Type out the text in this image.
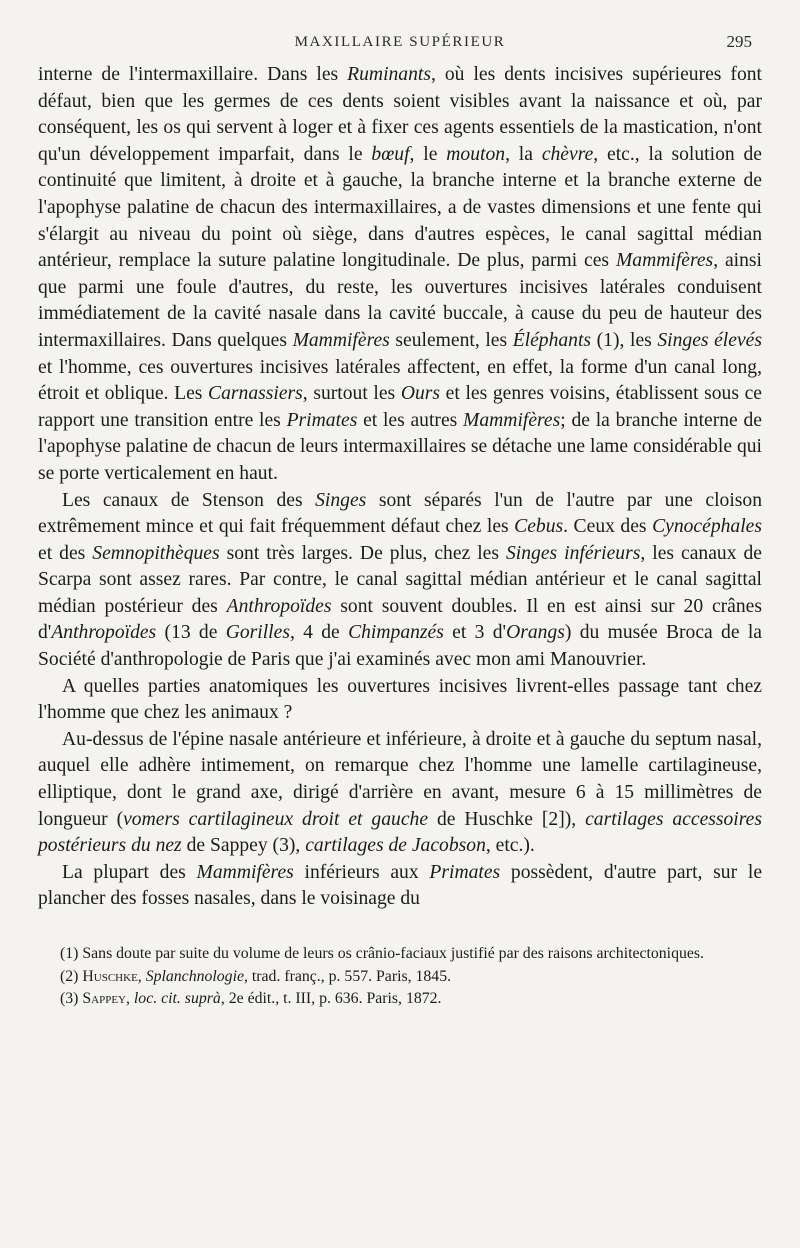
MAXILLAIRE SUPÉRIEUR	295

interne de l'intermaxillaire. Dans les Ruminants, où les dents incisives supérieures font défaut, bien que les germes de ces dents soient visibles avant la naissance et où, par conséquent, les os qui servent à loger et à fixer ces agents essentiels de la mastication, n'ont qu'un développement imparfait, dans le bœuf, le mouton, la chèvre, etc., la solution de continuité que limitent, à droite et à gauche, la branche interne et la branche externe de l'apophyse palatine de chacun des intermaxillaires, a de vastes dimensions et une fente qui s'élargit au niveau du point où siège, dans d'autres espèces, le canal sagittal médian antérieur, remplace la suture palatine longitudinale. De plus, parmi ces Mammifères, ainsi que parmi une foule d'autres, du reste, les ouvertures incisives latérales conduisent immédiatement de la cavité nasale dans la cavité buccale, à cause du peu de hauteur des intermaxillaires. Dans quelques Mammifères seulement, les Éléphants (1), les Singes élevés et l'homme, ces ouvertures incisives latérales affectent, en effet, la forme d'un canal long, étroit et oblique. Les Carnassiers, surtout les Ours et les genres voisins, établissent sous ce rapport une transition entre les Primates et les autres Mammifères; de la branche interne de l'apophyse palatine de chacun de leurs intermaxillaires se détache une lame considérable qui se porte verticalement en haut.

Les canaux de Stenson des Singes sont séparés l'un de l'autre par une cloison extrêmement mince et qui fait fréquemment défaut chez les Cebus. Ceux des Cynocéphales et des Semnopithèques sont très larges. De plus, chez les Singes inférieurs, les canaux de Scarpa sont assez rares. Par contre, le canal sagittal médian antérieur et le canal sagittal médian postérieur des Anthropoïdes sont souvent doubles. Il en est ainsi sur 20 crânes d'Anthropoïdes (13 de Gorilles, 4 de Chimpanzés et 3 d'Orangs) du musée Broca de la Société d'anthropologie de Paris que j'ai examinés avec mon ami Manouvrier.

A quelles parties anatomiques les ouvertures incisives livrent-elles passage tant chez l'homme que chez les animaux ?

Au-dessus de l'épine nasale antérieure et inférieure, à droite et à gauche du septum nasal, auquel elle adhère intimement, on remarque chez l'homme une lamelle cartilagineuse, elliptique, dont le grand axe, dirigé d'arrière en avant, mesure 6 à 15 millimètres de longueur (vomers cartilagineux droit et gauche de Huschke [2]), cartilages accessoires postérieurs du nez de Sappey (3), cartilages de Jacobson, etc.).

La plupart des Mammifères inférieurs aux Primates possèdent, d'autre part, sur le plancher des fosses nasales, dans le voisinage du

(1) Sans doute par suite du volume de leurs os crânio-faciaux justifié par des raisons architectoniques.

(2) Huschke, Splanchnologie, trad. franç., p. 557. Paris, 1845.

(3) Sappey, loc. cit. suprà, 2e édit., t. III, p. 636. Paris, 1872.
